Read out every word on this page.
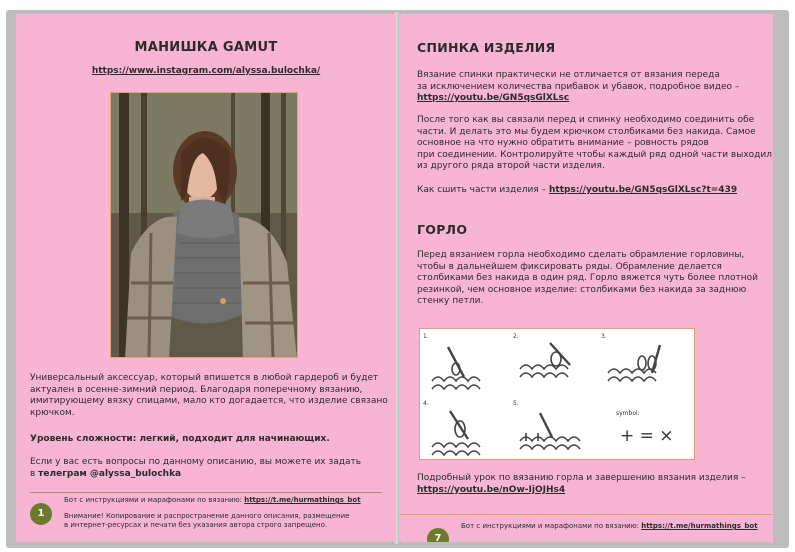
МАНИШКА GAMUT
https://www.instagram.com/alyssa.bulochka/
Универсальный аксессуар, который впишется в любой гардероб и будет
актуален в осенне-зимний период. Благодаря поперечному вязанию,
имитирующему вязку спицами, мало кто догадается, что изделие связано
крючком.
Уровень сложности: легкий, подходит для начинающих.
Если у вас есть вопросы по данному описанию, вы можете их задать
в телеграм @alyssa_bulochka
1
Бот с инструкциями и марафонами по вязанию: https://t.me/hurmathings_bot
Внимание! Копирование и распространение данного описания, размещение
в интернет-ресурсах и печати без указания автора строго запрещено.
СПИНКА ИЗДЕЛИЯ
Вязание спинки практически не отличается от вязания переда
за исключением количества прибавок и убавок, подробное видео –
https://youtu.be/GN5qsGlXLsc
После того как вы связали перед и спинку необходимо соединить обе
части. И делать это мы будем крючком столбиками без накида. Самое
основное на что нужно обратить внимание – ровность рядов
при соединении. Контролируйте чтобы каждый ряд одной части выходил
из другого ряда второй части изделия.
Как сшить части изделия – https://youtu.be/GN5qsGlXLsc?t=439
ГОРЛО
Перед вязанием горла необходимо сделать обрамление горловины,
чтобы в дальнейшем фиксировать ряды. Обрамление делается
столбиками без накида в один ряд. Горло вяжется чуть более плотной
резинкой, чем основное изделие: столбиками без накида за заднюю
стенку петли.
1.	2.	3.
4.	5.
symbol:
+ = ×
Подробный урок по вязанию горла и завершению вязания изделия –
https://youtu.be/nOw-IjOJHs4
7
Бот с инструкциями и марафонами по вязанию: https://t.me/hurmathings_bot
